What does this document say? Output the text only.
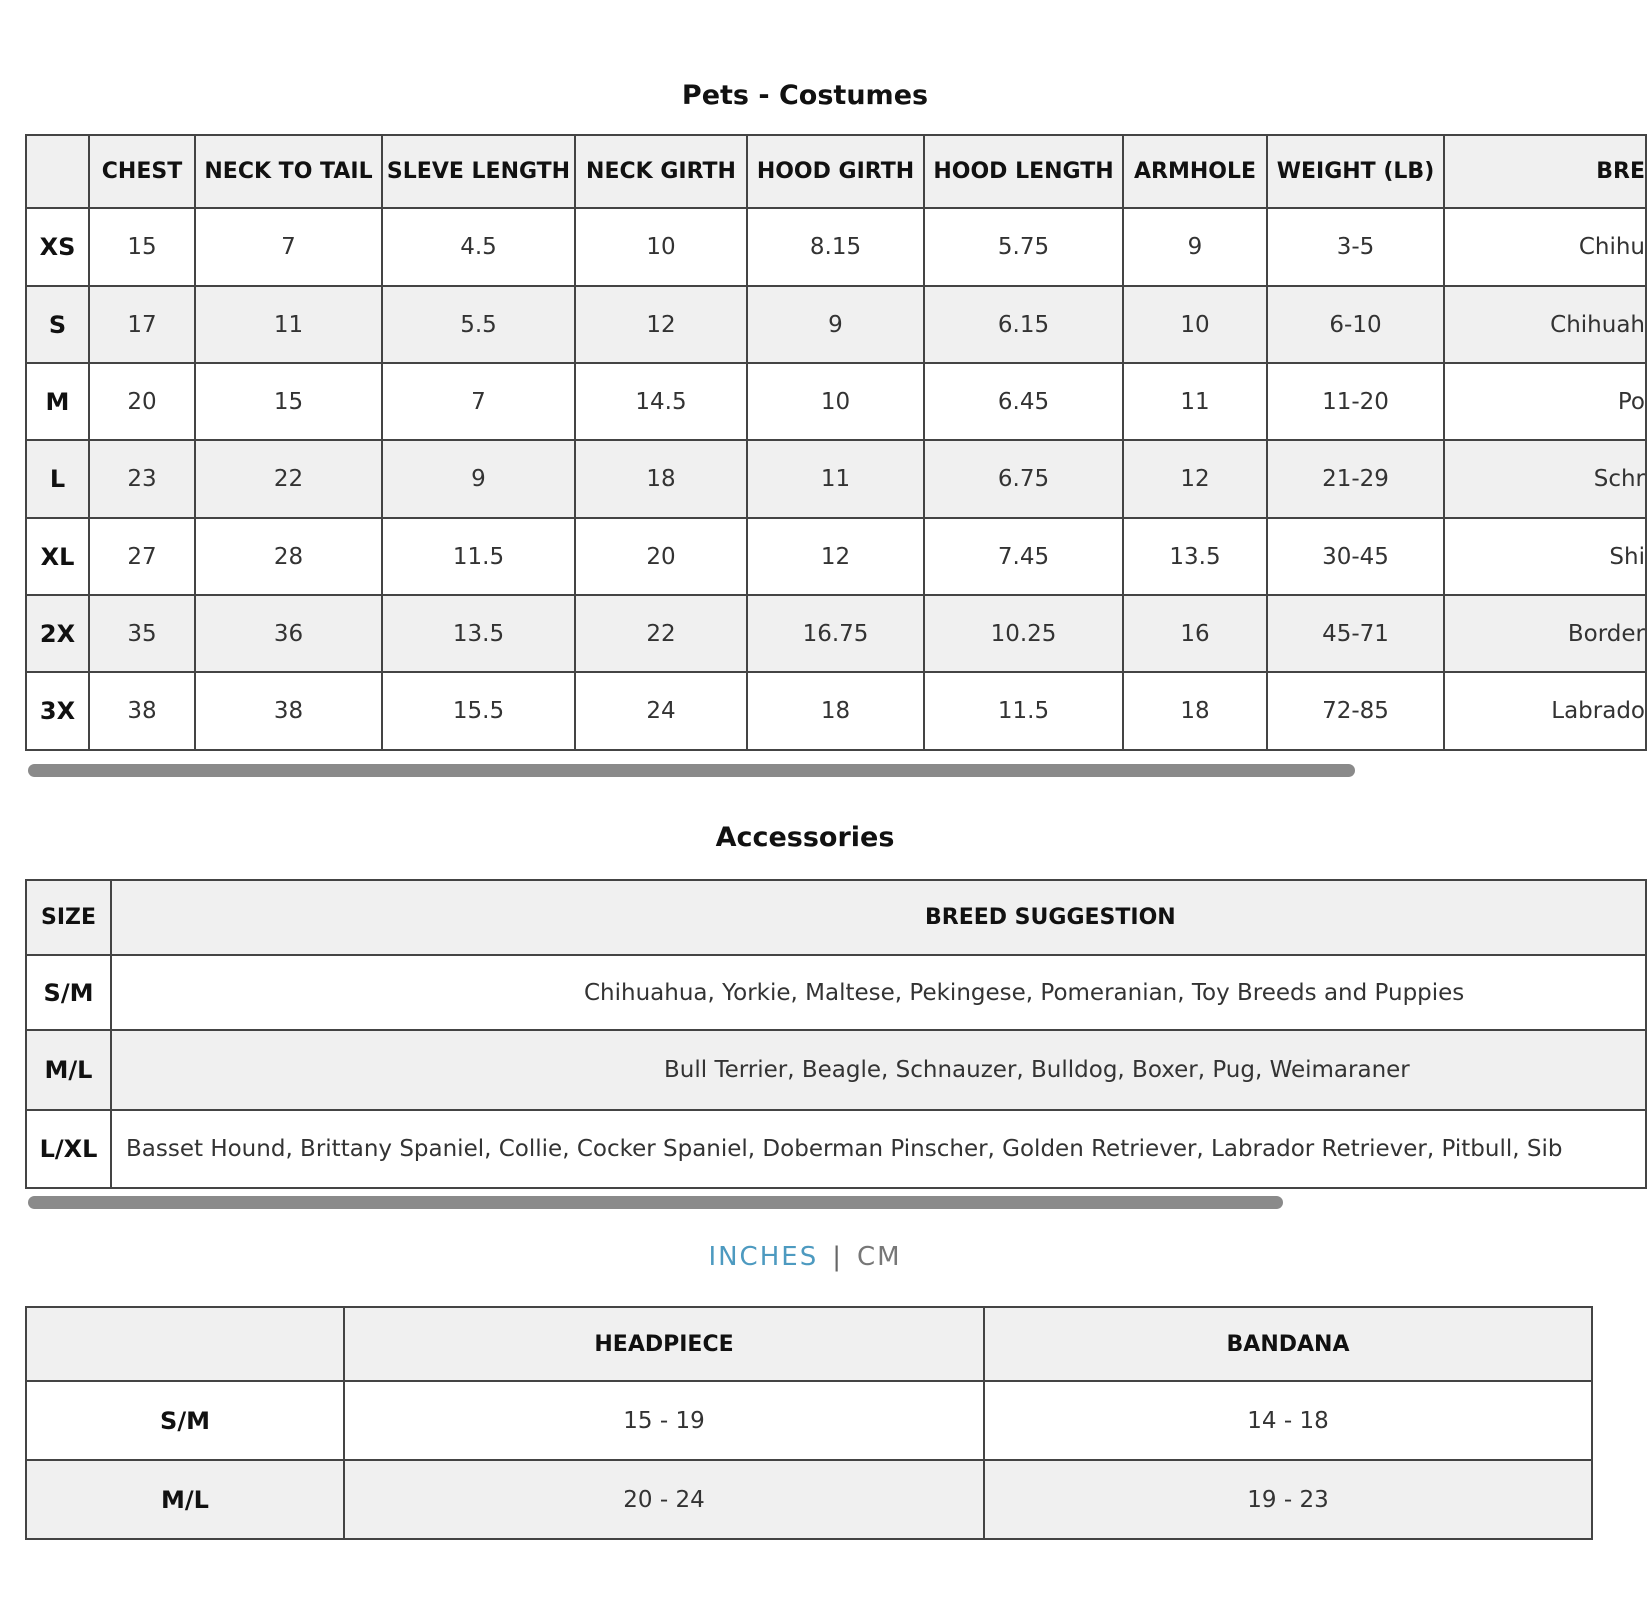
Pets - Costumes
	CHEST	NECK TO TAIL	SLEVE LENGTH	NECK GIRTH	HOOD GIRTH	HOOD LENGTH	ARMHOLE	WEIGHT (LB)	BRE
XS	15	7	4.5	10	8.15	5.75	9	3-5	Chihu
S	17	11	5.5	12	9	6.15	10	6-10	Chihuah
M	20	15	7	14.5	10	6.45	11	11-20	Po
L	23	22	9	18	11	6.75	12	21-29	Schr
XL	27	28	11.5	20	12	7.45	13.5	30-45	Shi
2X	35	36	13.5	22	16.75	10.25	16	45-71	Border
3X	38	38	15.5	24	18	11.5	18	72-85	Labrado
Accessories
SIZE	BREED SUGGESTION
S/M	Chihuahua, Yorkie, Maltese, Pekingese, Pomeranian, Toy Breeds and Puppies
M/L	Bull Terrier, Beagle, Schnauzer, Bulldog, Boxer, Pug, Weimaraner
L/XL	Basset Hound, Brittany Spaniel, Collie, Cocker Spaniel, Doberman Pinscher, Golden Retriever, Labrador Retriever, Pitbull, Sib
INCHES | CM
	HEADPIECE	BANDANA
S/M	15 - 19	14 - 18
M/L	20 - 24	19 - 23
